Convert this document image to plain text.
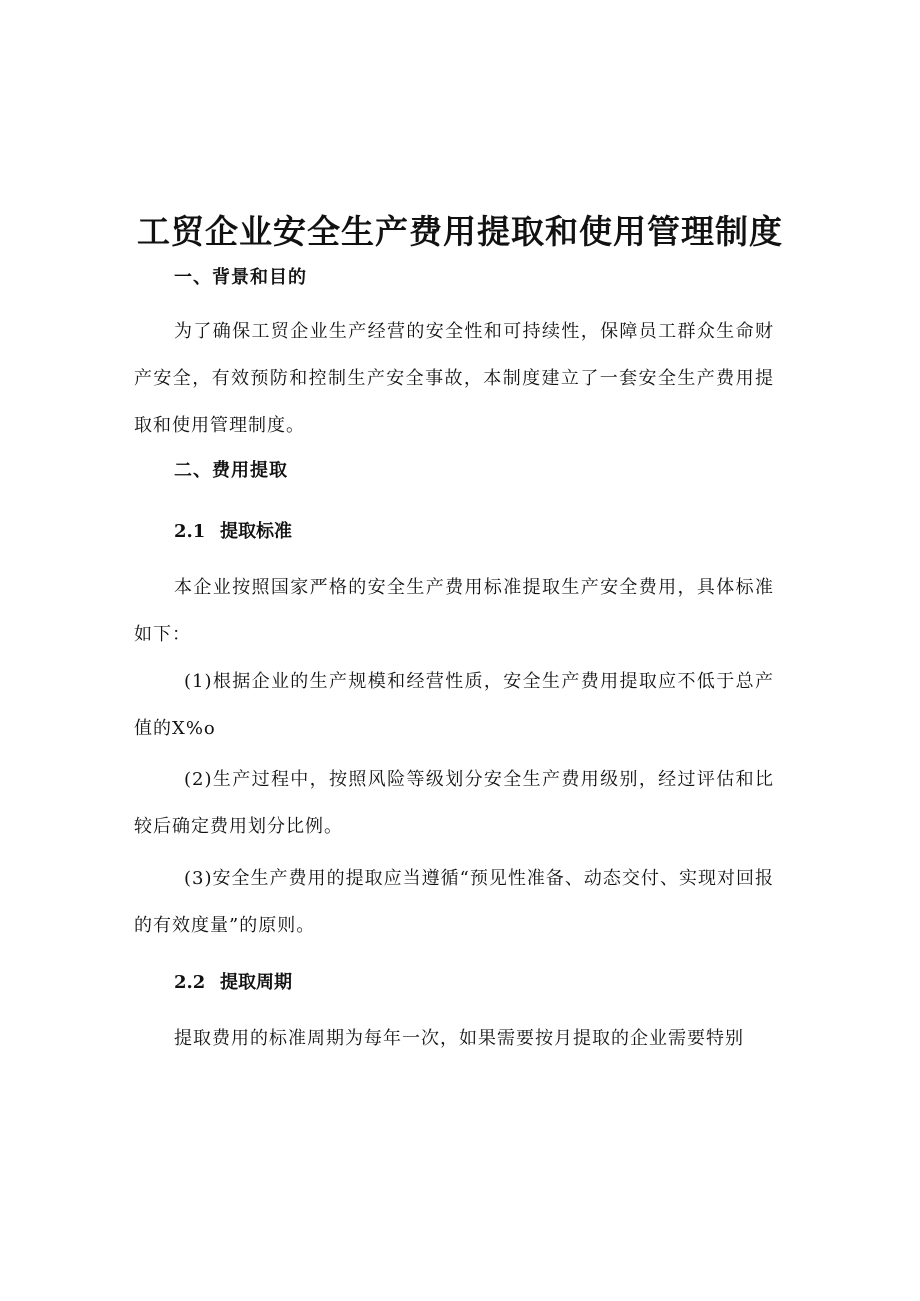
工贸企业安全生产费用提取和使用管理制度
一、背景和目的

为了确保工贸企业生产经营的安全性和可持续性，保障员工群众生命财产安全，有效预防和控制生产安全事故，本制度建立了一套安全生产费用提取和使用管理制度。

二、费用提取
2.1 提取标准

本企业按照国家严格的安全生产费用标准提取生产安全费用，具体标准如下：

(1)根据企业的生产规模和经营性质，安全生产费用提取应不低于总产值的X%o

(2)生产过程中，按照风险等级划分安全生产费用级别，经过评估和比较后确定费用划分比例。

(3)安全生产费用的提取应当遵循“预见性准备、动态交付、实现对回报的有效度量”的原则。

2.2 提取周期

提取费用的标准周期为每年一次，如果需要按月提取的企业需要特别
